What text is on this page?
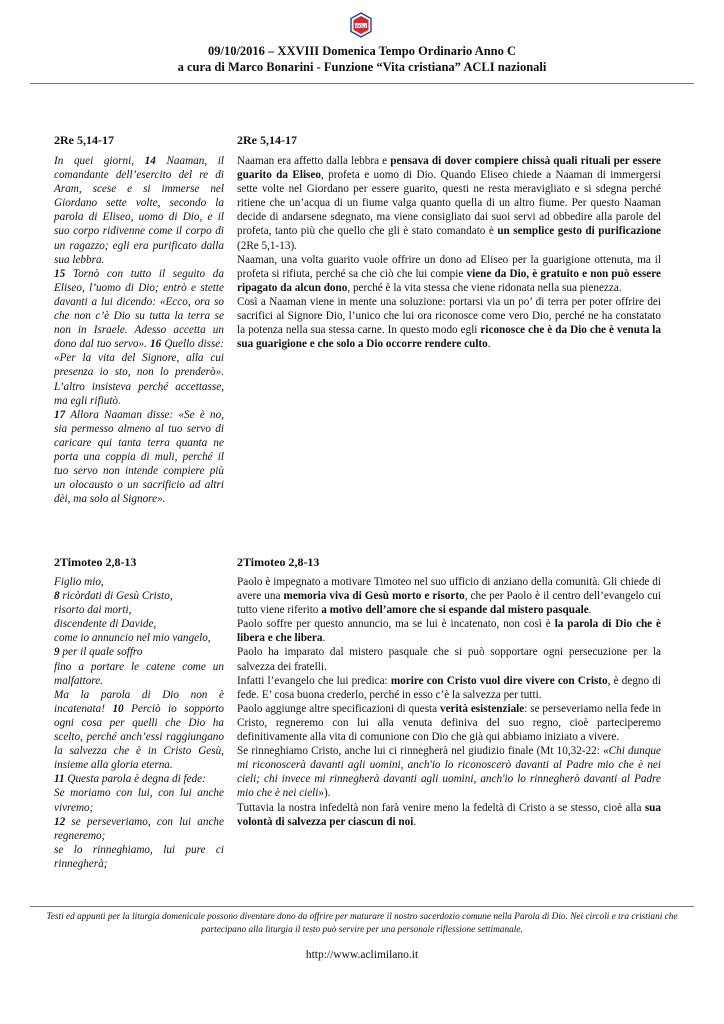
ACLI
09/10/2016 – XXVIII Domenica Tempo Ordinario Anno C
a cura di Marco Bonarini - Funzione “Vita cristiana” ACLI nazionali
2Re 5,14-17	2Re 5,14-17

In quei giorni, 14 Naaman, il comandante dell’esercito del re di Aram, scese e si immerse nel Giordano sette volte, secondo la parola di Eliseo, uomo di Dio, e il suo corpo ridivenne come il corpo di un ragazzo; egli era purificato dalla sua lebbra.

15 Tornò con tutto il seguito da Eliseo, l’uomo di Dio; entrò e stette davanti a lui dicendo: «Ecco, ora so che non c’è Dio su tutta la terra se non in Israele. Adesso accetta un dono dal tuo servo». 16 Quello disse: «Per la vita del Signore, alla cui presenza io sto, non lo prenderò». L’altro insisteva perché accettasse, ma egli rifiutò.

17 Allora Naaman disse: «Se è no, sia permesso almeno al tuo servo di caricare qui tanta terra quanta ne porta una coppia di muli, perché il tuo servo non intende compiere più un olocausto o un sacrificio ad altri dèi, ma solo al Signore».

Naaman era affetto dalla lebbra e pensava di dover compiere chissà quali rituali per essere guarito da Eliseo, profeta e uomo di Dio. Quando Eliseo chiede a Naaman di immergersi sette volte nel Giordano per essere guarito, questi ne resta meravigliato e si sdegna perché ritiene che un’acqua di un fiume valga quanto quella di un altro fiume. Per questo Naaman decide di andarsene sdegnato, ma viene consigliato dai suoi servi ad obbedire alla parole del profeta, tanto più che quello che gli è stato comandato è un semplice gesto di purificazione (2Re 5,1-13).

Naaman, una volta guarito vuole offrire un dono ad Eliseo per la guarigione ottenuta, ma il profeta si rifiuta, perché sa che ciò che lui compie viene da Dio, è gratuito e non può essere ripagato da alcun dono, perché è la vita stessa che viene ridonata nella sua pienezza.

Così a Naaman viene in mente una soluzione: portarsi via un po’ di terra per poter offrire dei sacrifici al Signore Dio, l’unico che lui ora riconosce come vero Dio, perché ne ha constatato la potenza nella sua stessa carne. In questo modo egli riconosce che è da Dio che è venuta la sua guarigione e che solo a Dio occorre rendere culto.

2Timoteo 2,8-13	2Timoteo 2,8-13

Figlio mio,

8 ricòrdati di Gesù Cristo,

risorto dai morti,

discendente di Davide,

come io annuncio nel mio vangelo,

9 per il quale soffro

fino a portare le catene come un malfattore.

Ma la parola di Dio non è incatenata! 10 Perciò io sopporto ogni cosa per quelli che Dio ha scelto, perché anch’essi raggiungano la salvezza che è in Cristo Gesù, insieme alla gloria eterna.

11 Questa parola è degna di fede:

Se moriamo con lui, con lui anche vivremo;

12 se perseveriamo, con lui anche regneremo;

se lo rinneghiamo, lui pure ci rinnegherà;

Paolo è impegnato a motivare Timoteo nel suo ufficio di anziano della comunità. Gli chiede di avere una memoria viva di Gesù morto e risorto, che per Paolo è il centro dell’evangelo cui tutto viene riferito a motivo dell’amore che si espande dal mistero pasquale.

Paolo soffre per questo annuncio, ma se lui è incatenato, non così è la parola di Dio che è libera e che libera.

Paolo ha imparato dal mistero pasquale che si può sopportare ogni persecuzione per la salvezza dei fratelli.

Infatti l’evangelo che lui predica: morire con Cristo vuol dire vivere con Cristo, è degno di fede. E’ cosa buona crederlo, perché in esso c’è la salvezza per tutti.

Paolo aggiunge altre specificazioni di questa verità esistenziale: se perseveriamo nella fede in Cristo, regneremo con lui alla venuta definiva del suo regno, cioè parteciperemo definitivamente alla vita di comunione con Dio che già qui abbiamo iniziato a vivere.

Se rinneghiamo Cristo, anche lui ci rinnegherà nel giudizio finale (Mt 10,32-22: «Chi dunque mi riconoscerà davanti agli uomini, anch'io lo riconoscerò davanti al Padre mio che è nei cieli; chi invece mi rinnegherà davanti agli uomini, anch'io lo rinnegherò davanti al Padre mio che è nei cieli»).

Tuttavia la nostra infedeltà non farà venire meno la fedeltà di Cristo a se stesso, cioè alla sua volontà di salvezza per ciascun di noi.

Testi ed appunti per la liturgia domenicale possono diventare dono da offrire per maturare il nostro sacerdozio comune nella Parola di Dio. Nei circoli e tra cristiani che partecipano alla liturgia il testo può servire per una personale riflessione settimanale.
http://www.aclimilano.it
